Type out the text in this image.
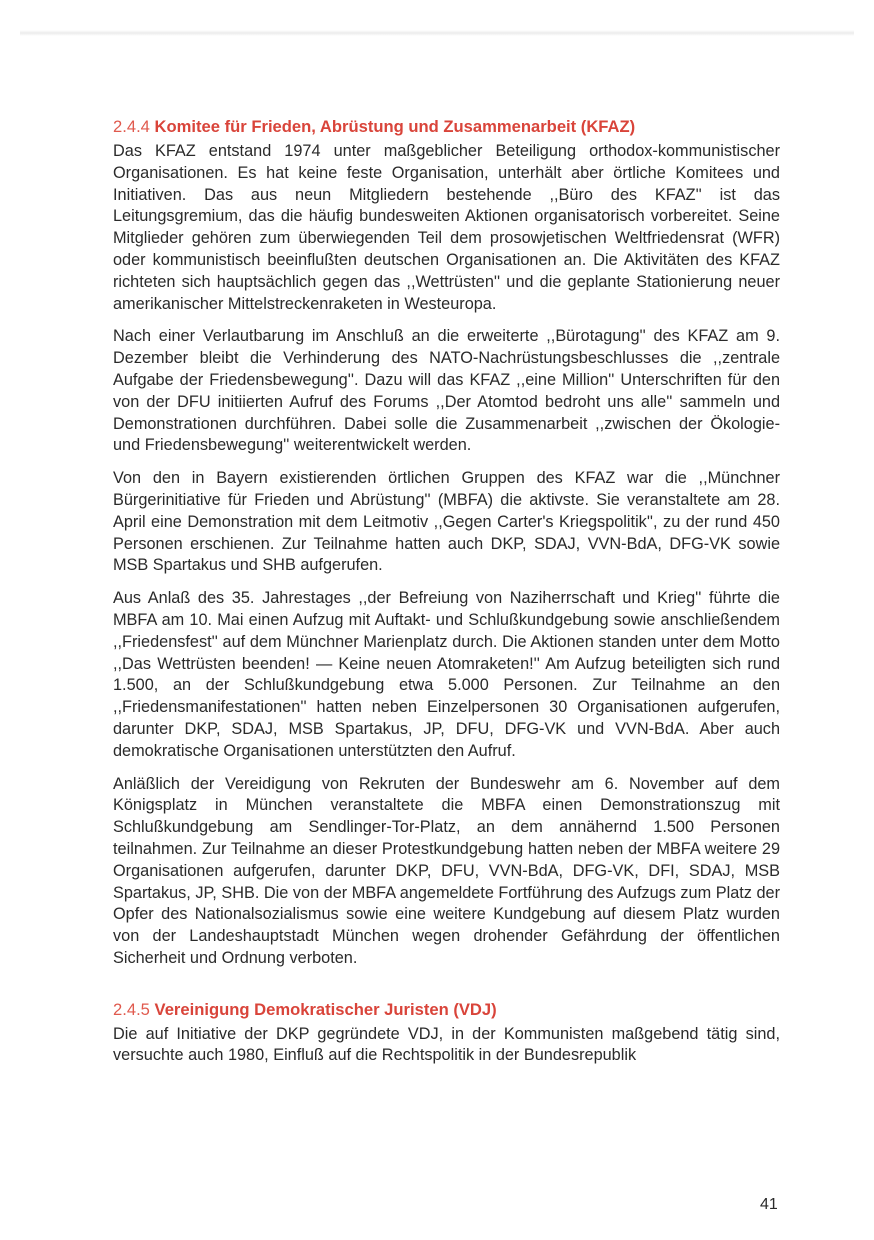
2.4.4 Komitee für Frieden, Abrüstung und Zusammenarbeit (KFAZ)

Das KFAZ entstand 1974 unter maßgeblicher Beteiligung orthodox-kommunistischer Organisationen. Es hat keine feste Organisation, unterhält aber örtliche Komitees und Initiativen. Das aus neun Mitgliedern bestehende ,,Büro des KFAZ'' ist das Leitungsgremium, das die häufig bundesweiten Aktionen organisatorisch vorbereitet. Seine Mitglieder gehören zum überwiegenden Teil dem prosowjetischen Weltfriedensrat (WFR) oder kommunistisch beeinflußten deutschen Organisationen an. Die Aktivitäten des KFAZ richteten sich hauptsächlich gegen das ,,Wettrüsten'' und die geplante Stationierung neuer amerikanischer Mittelstreckenraketen in Westeuropa.

Nach einer Verlautbarung im Anschluß an die erweiterte ,,Bürotagung'' des KFAZ am 9. Dezember bleibt die Verhinderung des NATO-Nachrüstungsbeschlusses die ,,zentrale Aufgabe der Friedensbewegung''. Dazu will das KFAZ ,,eine Million'' Unterschriften für den von der DFU initiierten Aufruf des Forums ,,Der Atomtod bedroht uns alle'' sammeln und Demonstrationen durchführen. Dabei solle die Zusammenarbeit ,,zwischen der Ökologie- und Friedensbewegung'' weiterentwickelt werden.

Von den in Bayern existierenden örtlichen Gruppen des KFAZ war die ,,Münchner Bürgerinitiative für Frieden und Abrüstung'' (MBFA) die aktivste. Sie veranstaltete am 28. April eine Demonstration mit dem Leitmotiv ,,Gegen Carter's Kriegspolitik'', zu der rund 450 Personen erschienen. Zur Teilnahme hatten auch DKP, SDAJ, VVN-BdA, DFG-VK sowie MSB Spartakus und SHB aufgerufen.

Aus Anlaß des 35. Jahrestages ,,der Befreiung von Naziherrschaft und Krieg'' führte die MBFA am 10. Mai einen Aufzug mit Auftakt- und Schlußkundgebung sowie anschließendem ,,Friedensfest'' auf dem Münchner Marienplatz durch. Die Aktionen standen unter dem Motto ,,Das Wettrüsten beenden! — Keine neuen Atomraketen!'' Am Aufzug beteiligten sich rund 1.500, an der Schlußkundgebung etwa 5.000 Personen. Zur Teilnahme an den ,,Friedensmanifestationen'' hatten neben Einzelpersonen 30 Organisationen aufgerufen, darunter DKP, SDAJ, MSB Spartakus, JP, DFU, DFG-VK und VVN-BdA. Aber auch demokratische Organisationen unterstützten den Aufruf.

Anläßlich der Vereidigung von Rekruten der Bundeswehr am 6. November auf dem Königsplatz in München veranstaltete die MBFA einen Demonstrationszug mit Schlußkundgebung am Sendlinger-Tor-Platz, an dem annähernd 1.500 Personen teilnahmen. Zur Teilnahme an dieser Protestkundgebung hatten neben der MBFA weitere 29 Organisationen aufgerufen, darunter DKP, DFU, VVN-BdA, DFG-VK, DFI, SDAJ, MSB Spartakus, JP, SHB. Die von der MBFA angemeldete Fortführung des Aufzugs zum Platz der Opfer des Nationalsozialismus sowie eine weitere Kundgebung auf diesem Platz wurden von der Landeshauptstadt München wegen drohender Gefährdung der öffentlichen Sicherheit und Ordnung verboten.

2.4.5 Vereinigung Demokratischer Juristen (VDJ)

Die auf Initiative der DKP gegründete VDJ, in der Kommunisten maßgebend tätig sind, versuchte auch 1980, Einfluß auf die Rechtspolitik in der Bundesrepublik

41
